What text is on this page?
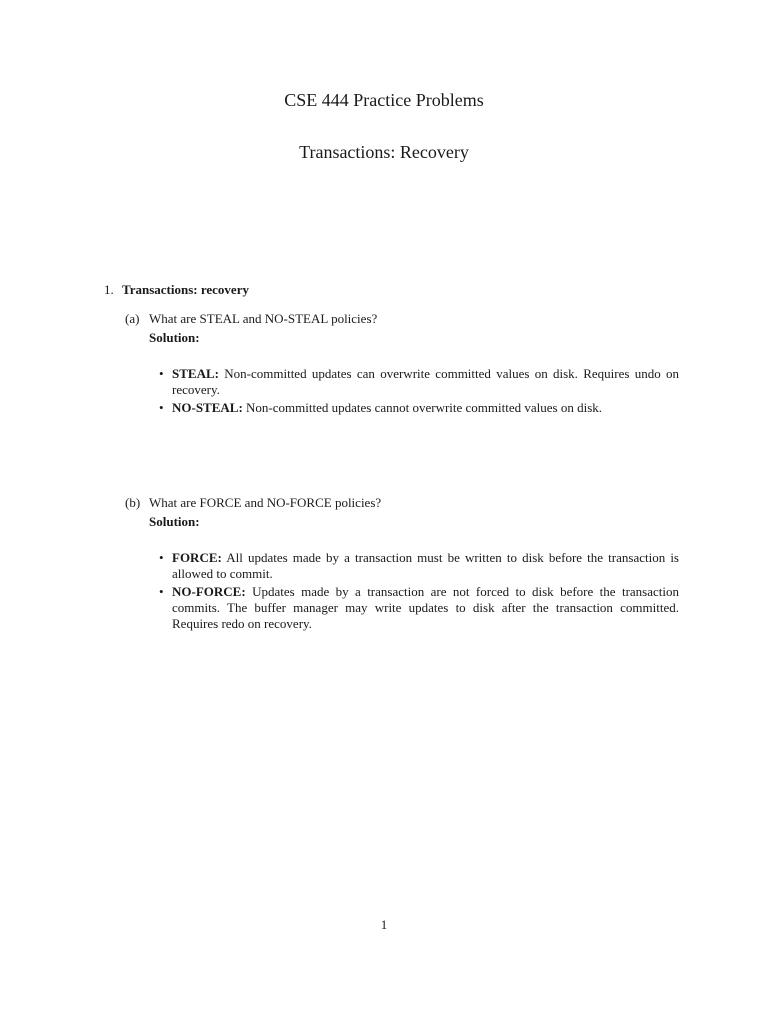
CSE 444 Practice Problems
Transactions: Recovery
1. Transactions: recovery
(a) What are STEAL and NO-STEAL policies?
Solution:
• STEAL: Non-committed updates can overwrite committed values on disk. Requires undo on recovery.
• NO-STEAL: Non-committed updates cannot overwrite committed values on disk.
(b) What are FORCE and NO-FORCE policies?
Solution:
• FORCE: All updates made by a transaction must be written to disk before the transaction is allowed to commit.
• NO-FORCE: Updates made by a transaction are not forced to disk before the transaction commits. The buffer manager may write updates to disk after the transaction committed. Requires redo on recovery.
1
